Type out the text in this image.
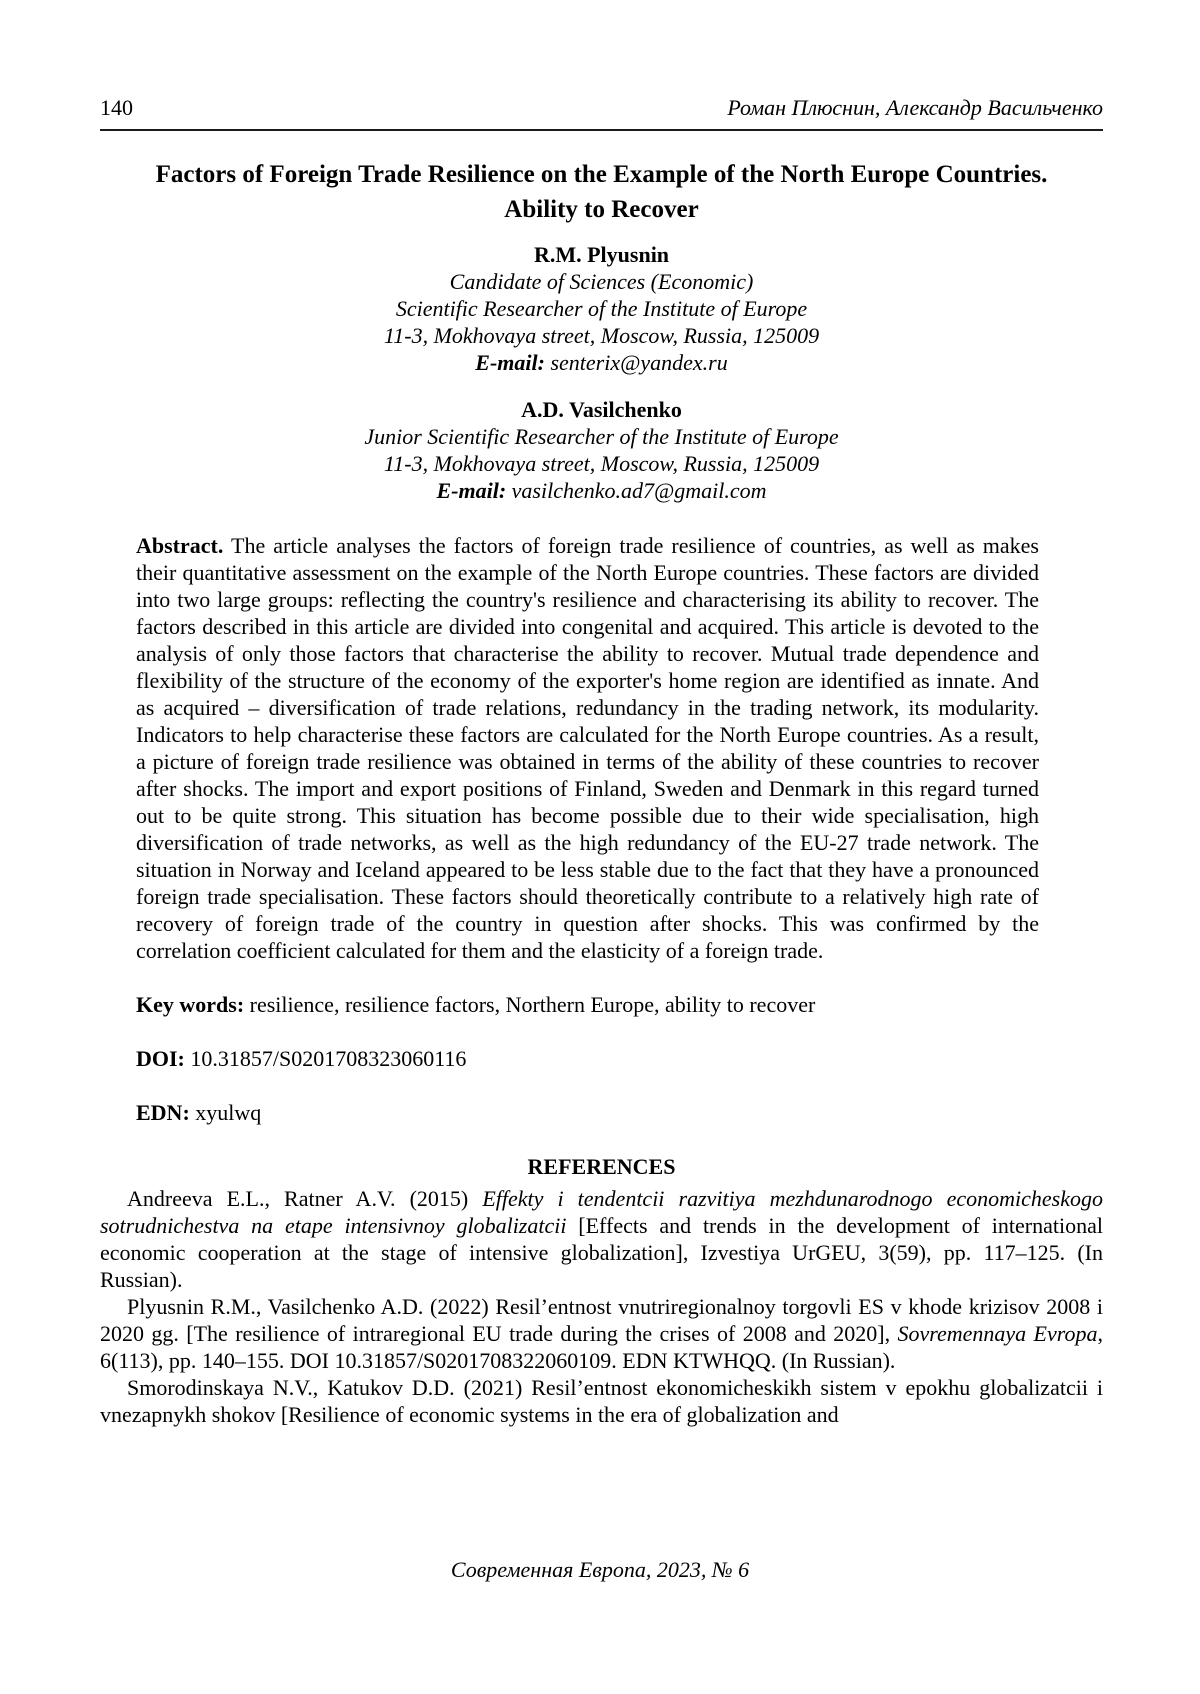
140	Роман Плюснин, Александр Васильченко
Factors of Foreign Trade Resilience on the Example of the North Europe Countries. Ability to Recover
R.M. Plyusnin
Candidate of Sciences (Economic)
Scientific Researcher of the Institute of Europe
11-3, Mokhovaya street, Moscow, Russia, 125009
E-mail: senterix@yandex.ru
A.D. Vasilchenko
Junior Scientific Researcher of the Institute of Europe
11-3, Mokhovaya street, Moscow, Russia, 125009
E-mail: vasilchenko.ad7@gmail.com

Abstract. The article analyses the factors of foreign trade resilience of countries, as well as makes their quantitative assessment on the example of the North Europe countries. These factors are divided into two large groups: reflecting the country's resilience and characterising its ability to recover. The factors described in this article are divided into congenital and acquired. This article is devoted to the analysis of only those factors that characterise the ability to recover. Mutual trade dependence and flexibility of the structure of the economy of the exporter's home region are identified as innate. And as acquired – diversification of trade relations, redundancy in the trading network, its modularity. Indicators to help characterise these factors are calculated for the North Europe countries. As a result, a picture of foreign trade resilience was obtained in terms of the ability of these countries to recover after shocks. The import and export positions of Finland, Sweden and Denmark in this regard turned out to be quite strong. This situation has become possible due to their wide specialisation, high diversification of trade networks, as well as the high redundancy of the EU-27 trade network. The situation in Norway and Iceland appeared to be less stable due to the fact that they have a pronounced foreign trade specialisation. These factors should theoretically contribute to a relatively high rate of recovery of foreign trade of the country in question after shocks. This was confirmed by the correlation coefficient calculated for them and the elasticity of a foreign trade.

Key words: resilience, resilience factors, Northern Europe, ability to recover

DOI: 10.31857/S0201708323060116

EDN: xyulwq

REFERENCES

Andreeva E.L., Ratner A.V. (2015) Effekty i tendentcii razvitiya mezhdunarodnogo economicheskogo sotrudnichestva na etape intensivnoy globalizatcii [Effects and trends in the development of international economic cooperation at the stage of intensive globalization], Izvestiya UrGEU, 3(59), pp. 117–125. (In Russian).

Plyusnin R.M., Vasilchenko A.D. (2022) Resil’entnost vnutriregionalnoy torgovli ES v khode krizisov 2008 i 2020 gg. [The resilience of intraregional EU trade during the crises of 2008 and 2020], Sovremennaya Evropa, 6(113), pp. 140–155. DOI 10.31857/S0201708322060109. EDN KTWHQQ. (In Russian).

Smorodinskaya N.V., Katukov D.D. (2021) Resil’entnost ekonomicheskikh sistem v epokhu globalizatcii i vnezapnykh shokov [Resilience of economic systems in the era of globalization and

Современная Европа, 2023, № 6
